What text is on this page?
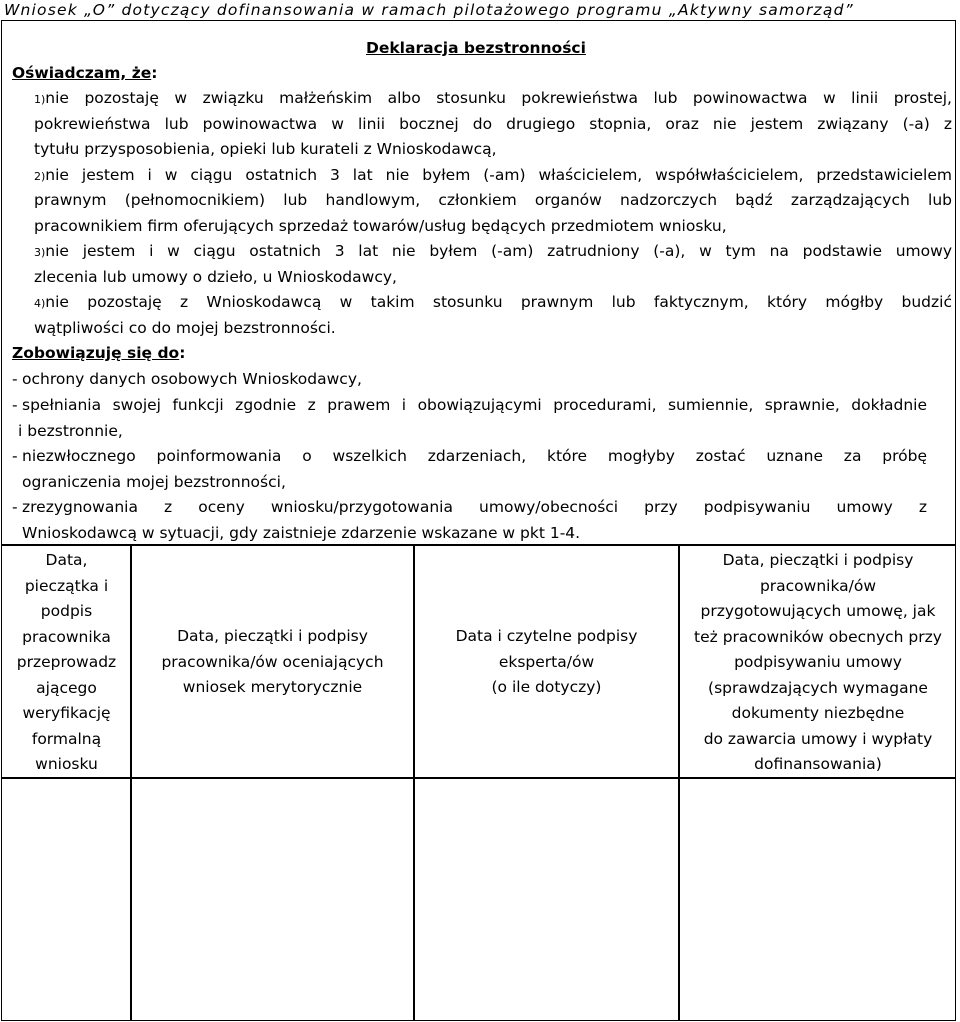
Wniosek „O” dotyczący dofinansowania w ramach pilotażowego programu „Aktywny samorząd”
Deklaracja bezstronności
Oświadczam, że:
1)nie pozostaję w związku małżeńskim albo stosunku pokrewieństwa lub powinowactwa w linii prostej,
pokrewieństwa lub powinowactwa w linii bocznej do drugiego stopnia, oraz nie jestem związany (-a) z
tytułu przysposobienia, opieki lub kurateli z Wnioskodawcą,
2)nie jestem i w ciągu ostatnich 3 lat nie byłem (-am) właścicielem, współwłaścicielem, przedstawicielem
prawnym (pełnomocnikiem) lub handlowym, członkiem organów nadzorczych bądź zarządzających lub
pracownikiem firm oferujących sprzedaż towarów/usług będących przedmiotem wniosku,
3)nie jestem i w ciągu ostatnich 3 lat nie byłem (-am) zatrudniony (-a), w tym na podstawie umowy
zlecenia lub umowy o dzieło, u Wnioskodawcy,
4)nie pozostaję z Wnioskodawcą w takim stosunku prawnym lub faktycznym, który mógłby budzić
wątpliwości co do mojej bezstronności.
Zobowiązuję się do:
- ochrony danych osobowych Wnioskodawcy,
- spełniania swojej funkcji zgodnie z prawem i obowiązującymi procedurami, sumiennie, sprawnie, dokładnie
i bezstronnie,
- niezwłocznego poinformowania o wszelkich zdarzeniach, które mogłyby zostać uznane za próbę
ograniczenia mojej bezstronności,
- zrezygnowania z oceny wniosku/przygotowania umowy/obecności przy podpisywaniu umowy z
Wnioskodawcą w sytuacji, gdy zaistnieje zdarzenie wskazane w pkt 1-4.
Data,
pieczątka i
podpis
pracownika
przeprowadz
ającego
weryfikację
formalną
wniosku
Data, pieczątki i podpisy
pracownika/ów oceniających
wniosek merytorycznie
Data i czytelne podpisy
eksperta/ów
(o ile dotyczy)
Data, pieczątki i podpisy
pracownika/ów
przygotowujących umowę, jak
też pracowników obecnych przy
podpisywaniu umowy
(sprawdzających wymagane
dokumenty niezbędne
do zawarcia umowy i wypłaty
dofinansowania)
